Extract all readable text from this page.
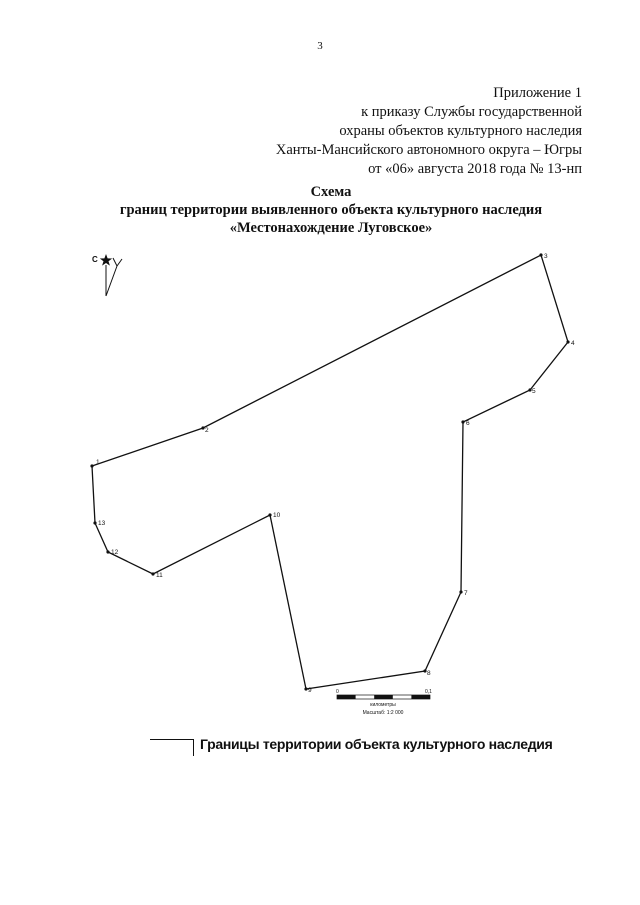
3
Приложение 1
к приказу Службы государственной
охраны объектов культурного наследия
Ханты-Мансийского автономного округа – Югры
от «06» августа 2018 года № 13-нп
Схема
границ территории выявленного объекта культурного наследия
«Местонахождение Луговское»
С
1
2
3
4
5
6
7
8
9
10
11
12
13
0	0,1
километры
Масштаб: 1:2 000
Границы территории объекта культурного наследия
